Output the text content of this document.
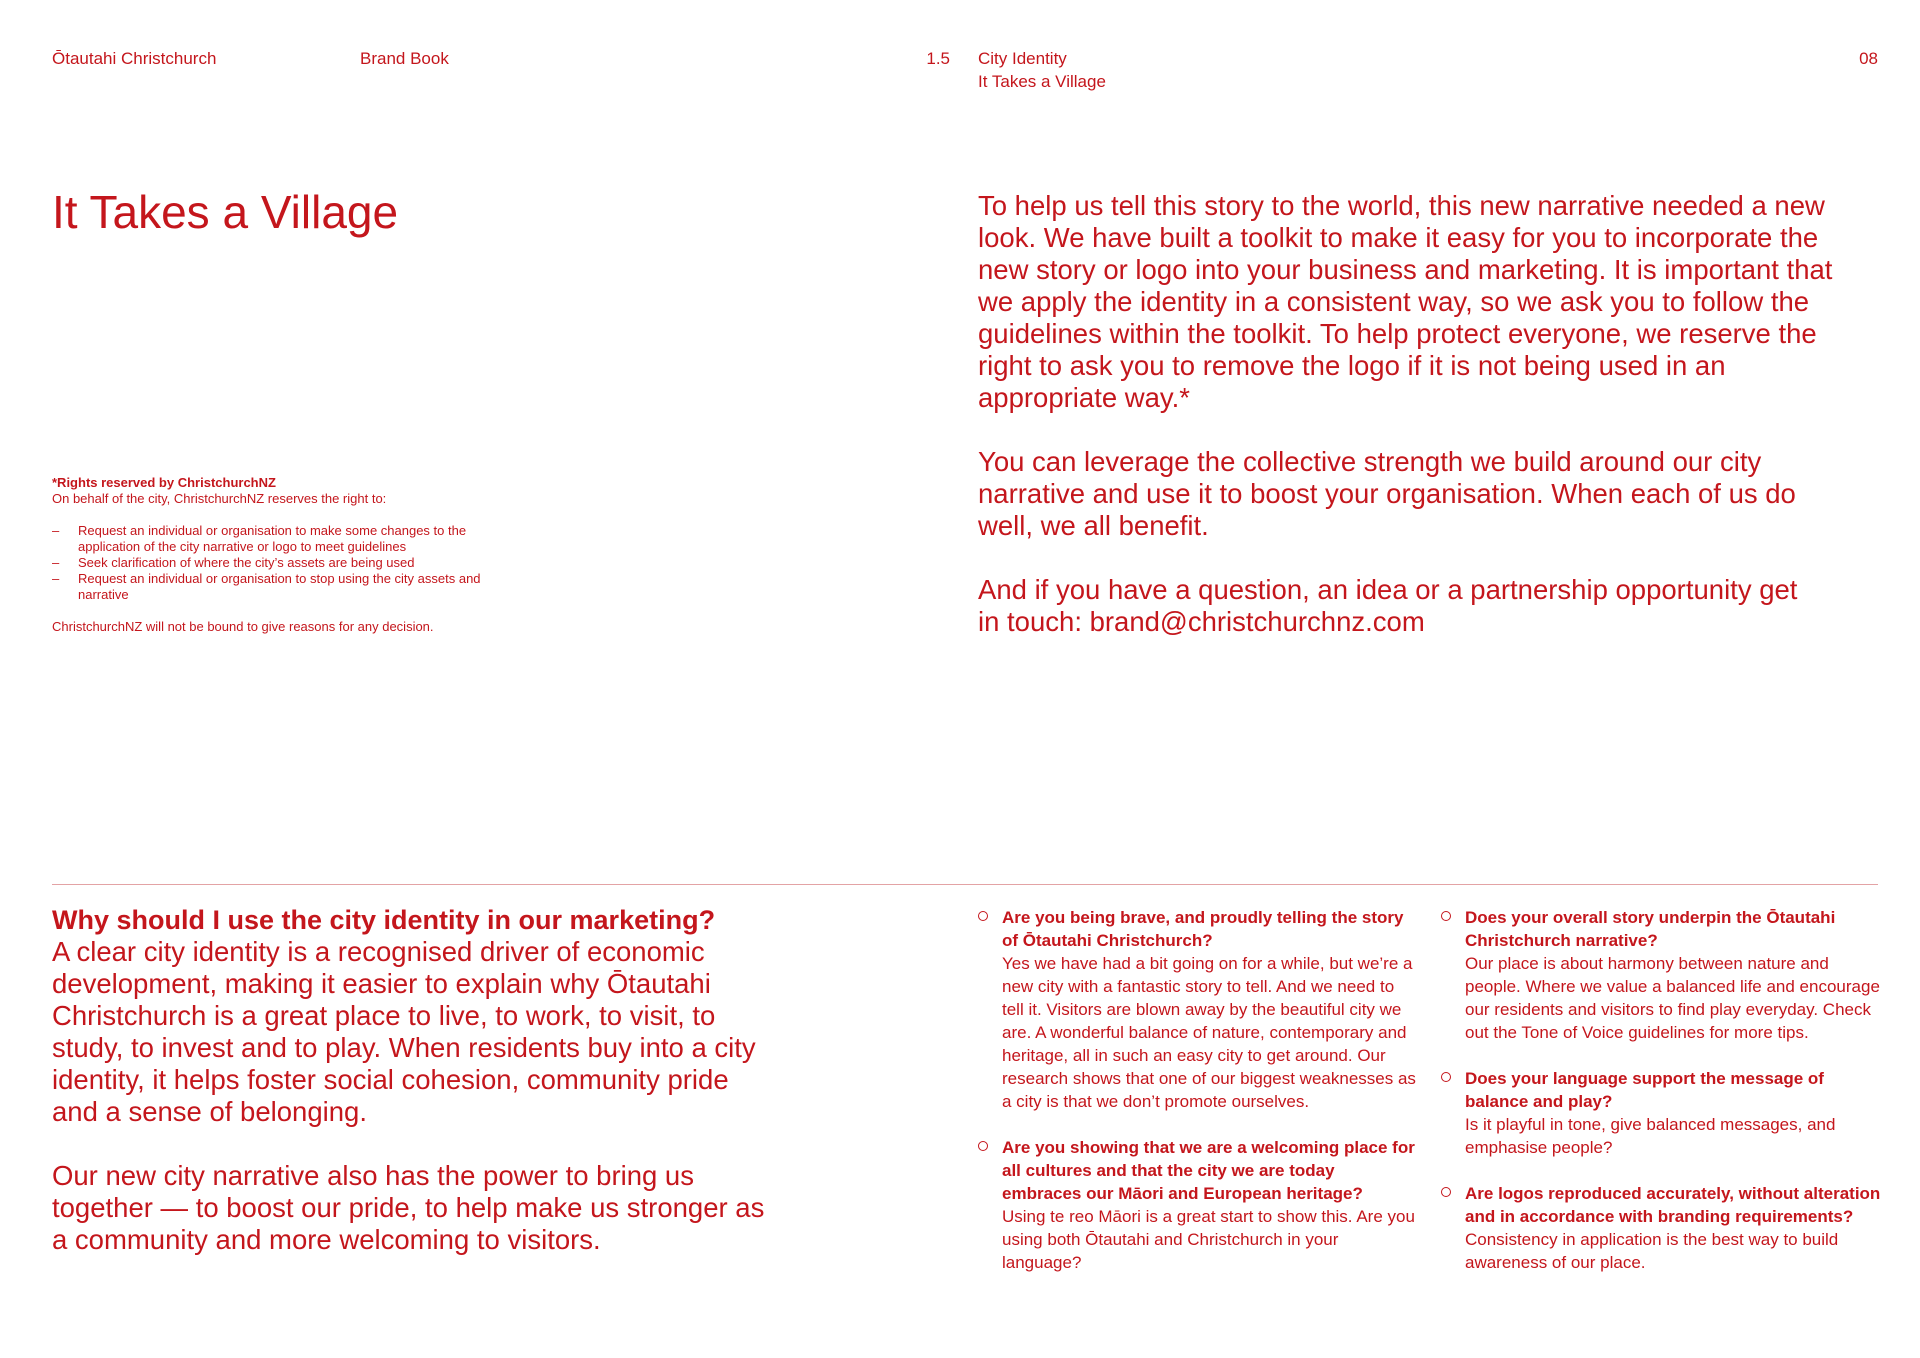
Ōtautahi Christchurch	Brand Book	1.5 City Identity
It Takes a Village
08
It Takes a Village	To help us tell this story to the world, this new narrative needed a new look. We have built a toolkit to make it easy for you to incorporate the new story or logo into your business and marketing. It is important that we apply the identity in a consistent way, so we ask you to follow the guidelines within the toolkit. To help protect everyone, we reserve the right to ask you to remove the logo if it is not being used in an appropriate way.*

You can leverage the collective strength we build around our city narrative and use it to boost your organisation. When each of us do well, we all benefit.

And if you have a question, an idea or a partnership opportunity get in touch: brand@christchurchnz.com

*Rights reserved by ChristchurchNZ

On behalf of the city, ChristchurchNZ reserves the right to:

– Request an individual or organisation to make some changes to the application of the city narrative or logo to meet guidelines
– Seek clarification of where the city’s assets are being used
– Request an individual or organisation to stop using the city assets and narrative

ChristchurchNZ will not be bound to give reasons for any decision.

Why should I use the city identity in our marketing?

A clear city identity is a recognised driver of economic development, making it easier to explain why Ōtautahi Christchurch is a great place to live, to work, to visit, to study, to invest and to play. When residents buy into a city identity, it helps foster social cohesion, community pride and a sense of belonging.

Our new city narrative also has the power to bring us together — to boost our pride, to help make us stronger as a community and more welcoming to visitors.

Are you being brave, and proudly telling the story of Ōtautahi Christchurch?

Yes we have had a bit going on for a while, but we’re a new city with a fantastic story to tell. And we need to tell it. Visitors are blown away by the beautiful city we are. A wonderful balance of nature, contemporary and heritage, all in such an easy city to get around. Our research shows that one of our biggest weaknesses as a city is that we don’t promote ourselves.

Are you showing that we are a welcoming place for all cultures and that the city we are today embraces our Māori and European heritage?

Using te reo Māori is a great start to show this. Are you using both Ōtautahi and Christchurch in your language?

Does your overall story underpin the Ōtautahi Christchurch narrative?

Our place is about harmony between nature and people. Where we value a balanced life and encourage our residents and visitors to find play everyday. Check out the Tone of Voice guidelines for more tips.

Does your language support the message of balance and play?

Is it playful in tone, give balanced messages, and emphasise people?

Are logos reproduced accurately, without alteration and in accordance with branding requirements?

Consistency in application is the best way to build awareness of our place.
